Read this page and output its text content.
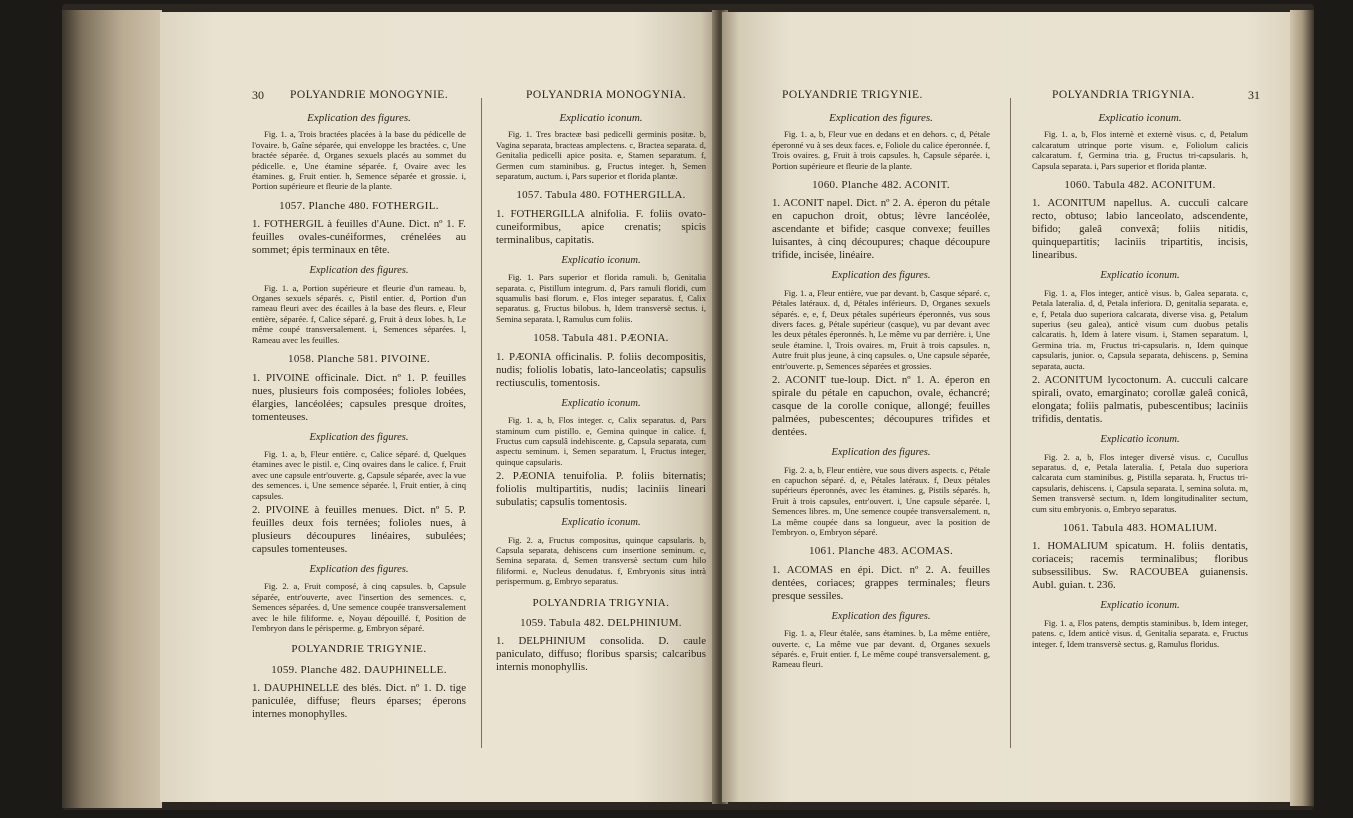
30 POLYANDRIE MONOGYNIE.	POLYANDRIA MONOGYNIA.
Explication des figures.
Fig. 1. a, Trois bractées placées à la base du pédicelle de l'ovaire. b, Gaîne séparée, qui enveloppe les bractées. c, Une bractée séparée. d, Organes sexuels placés au sommet du pédicelle. e, Une étamine séparée. f, Ovaire avec les étamines. g, Fruit entier. h, Semence séparée et grossie. i, Portion supérieure et fleurie de la plante.
1057. Planche 480. FOTHERGIL.
1. FOTHERGIL à feuilles d'Aune. Dict. nº 1. F. feuilles ovales-cunéiformes, crénelées au sommet; épis terminaux en tête.
Explication des figures.
Fig. 1. a, Portion supérieure et fleurie d'un rameau. b, Organes sexuels séparés. c, Pistil entier. d, Portion d'un rameau fleuri avec des écailles à la base des fleurs. e, Fleur entière, séparée. f, Calice séparé. g, Fruit à deux lobes. h, Le même coupé transversalement. i, Semences séparées. l, Rameau avec les feuilles.
1058. Planche 581. PIVOINE.
1. PIVOINE officinale. Dict. nº 1. P. feuilles nues, plusieurs fois composées; folioles lobées, élargies, lancéolées; capsules presque droites, tomenteuses.
Explication des figures.
Fig. 1. a, b, Fleur entière. c, Calice séparé. d, Quelques étamines avec le pistil. e, Cinq ovaires dans le calice. f, Fruit avec une capsule entr'ouverte. g, Capsule séparée, avec la vue des semences. i, Une semence séparée. l, Fruit entier, à cinq capsules.
2. PIVOINE à feuilles menues. Dict. nº 5. P. feuilles deux fois ternées; folioles nues, à plusieurs découpures linéaires, subulées; capsules tomenteuses.
Explication des figures.
Fig. 2. a, Fruit composé, à cinq capsules. b, Capsule séparée, entr'ouverte, avec l'insertion des semences. c, Semences séparées. d, Une semence coupée transversalement avec le hile filiforme. e, Noyau dépouillé. f, Position de l'embryon dans le périsperme. g, Embryon séparé.
POLYANDRIE TRIGYNIE.
1059. Planche 482. DAUPHINELLE.
1. DAUPHINELLE des blés. Dict. nº 1. D. tige paniculée, diffuse; fleurs éparses; éperons internes monophylles.
Explicatio iconum.
Fig. 1. Tres bracteæ basi pedicelli germinis positæ. b, Vagina separata, bracteas amplectens. c, Bractea separata. d, Genitalia pedicelli apice posita. e, Stamen separatum. f, Germen cum staminibus. g, Fructus integer. h, Semen separatum, auctum. i, Pars superior et florida plantæ.
1057. Tabula 480. FOTHERGILLA.
1. FOTHERGILLA alnifolia. F. foliis ovato-cuneiformibus, apice crenatis; spicis terminalibus, capitatis.
Explicatio iconum.
Fig. 1. Pars superior et florida ramuli. b, Genitalia separata. c, Pistillum integrum. d, Pars ramuli floridi, cum squamulis basi florum. e, Flos integer separatus. f, Calix separatus. g, Fructus bilobus. h, Idem transversè sectus. i, Semina separata. l, Ramulus cum foliis.
1058. Tabula 481. PÆONIA.
1. PÆONIA officinalis. P. foliis decompositis, nudis; foliolis lobatis, lato-lanceolatis; capsulis rectiusculis, tomentosis.
Explicatio iconum.
Fig. 1. a, b, Flos integer. c, Calix separatus. d, Pars staminum cum pistillo. e, Gemina quinque in calice. f, Fructus cum capsulâ indehiscente. g, Capsula separata, cum aspectu seminum. i, Semen separatum. l, Fructus integer, quinque capsularis.
2. PÆONIA tenuifolia. P. foliis biternatis; foliolis multipartitis, nudis; laciniis lineari subulatis; capsulis tomentosis.
Explicatio iconum.
Fig. 2. a, Fructus compositus, quinque capsularis. b, Capsula separata, dehiscens cum insertione seminum. c, Semina separata. d, Semen transversè sectum cum hilo filiformi. e, Nucleus denudatus. f, Embryonis situs intrà perispermum. g, Embryo separatus.
POLYANDRIA TRIGYNIA.
1059. Tabula 482. DELPHINIUM.
1. DELPHINIUM consolida. D. caule paniculato, diffuso; floribus sparsis; calcaribus internis monophyllis.
POLYANDRIE TRIGYNIE.	POLYANDRIA TRIGYNIA.	31
Explication des figures.
Fig. 1. a, b, Fleur vue en dedans et en dehors. c, d, Pétale éperonné vu à ses deux faces. e, Foliole du calice éperonnée. f, Trois ovaires. g, Fruit à trois capsules. h, Capsule séparée. i, Portion supérieure et fleurie de la plante.
1060. Planche 482. ACONIT.
1. ACONIT napel. Dict. nº 2. A. éperon du pétale en capuchon droit, obtus; lèvre lancéolée, ascendante et bifide; casque convexe; feuilles luisantes, à cinq découpures; chaque découpure trifide, incisée, linéaire.
Explication des figures.
Fig. 1. a, Fleur entière, vue par devant. b, Casque séparé. c, Pétales latéraux. d, d, Pétales inférieurs. D, Organes sexuels séparés. e, e, f, Deux pétales supérieurs éperonnés, vus sous divers faces. g, Pétale supérieur (casque), vu par devant avec les deux pétales éperonnés. h, Le même vu par derrière. i, Une seule étamine. l, Trois ovaires. m, Fruit à trois capsules. n, Autre fruit plus jeune, à cinq capsules. o, Une capsule séparée, entr'ouverte. p, Semences séparées et grossies.
2. ACONIT tue-loup. Dict. nº 1. A. éperon en spirale du pétale en capuchon, ovale, échancré; casque de la corolle conique, allongé; feuilles palmées, pubescentes; découpures trifides et dentées.
Explication des figures.
Fig. 2. a, b, Fleur entière, vue sous divers aspects. c, Pétale en capuchon séparé. d, e, Pétales latéraux. f, Deux pétales supérieurs éperonnés, avec les étamines. g, Pistils séparés. h, Fruit à trois capsules, entr'ouvert. i, Une capsule séparée. l, Semences libres. m, Une semence coupée transversalement. n, La même coupée dans sa longueur, avec la position de l'embryon. o, Embryon séparé.
1061. Planche 483. ACOMAS.
1. ACOMAS en épi. Dict. nº 2. A. feuilles dentées, coriaces; grappes terminales; fleurs presque sessiles.
Explication des figures.
Fig. 1. a, Fleur étalée, sans étamines. b, La même entière, ouverte. c, La même vue par devant. d, Organes sexuels séparés. e, Fruit entier. f, Le même coupé transversalement. g, Rameau fleuri.
Explicatio iconum.
Fig. 1. a, b, Flos internè et externè visus. c, d, Petalum calcaratum utrinque porte visum. e, Foliolum calicis calcaratum. f, Germina tria. g, Fructus tri-capsularis. h, Capsula separata. i, Pars superior et florida plantæ.
1060. Tabula 482. ACONITUM.
1. ACONITUM napellus. A. cucculi calcare recto, obtuso; labio lanceolato, adscendente, bifido; galeâ convexâ; foliis nitidis, quinquepartitis; laciniis tripartitis, incisis, linearibus.
Explicatio iconum.
Fig. 1. a, Flos integer, anticè visus. b, Galea separata. c, Petala lateralia. d, d, Petala inferiora. D, genitalia separata. e, e, f, Petala duo superiora calcarata, diverse visa. g, Petalum superius (seu galea), anticè visum cum duobus petalis calcaratis. h, Idem à latere visum. i, Stamen separatum. l, Germina tria. m, Fructus tri-capsularis. n, Idem quinque capsularis, junior. o, Capsula separata, dehiscens. p, Semina separata, aucta.
2. ACONITUM lycoctonum. A. cucculi calcare spirali, ovato, emarginato; corollæ galeâ conicâ, elongata; foliis palmatis, pubescentibus; laciniis trifidis, dentatis.
Explicatio iconum.
Fig. 2. a, b, Flos integer diversè visus. c, Cucullus separatus. d, e, Petala lateralia. f, Petala duo superiora calcarata cum staminibus. g, Pistilla separata. h, Fructus tri-capsularis, dehiscens. i, Capsula separata. l, semina soluta. m, Semen transversè sectum. n, Idem longitudinaliter sectum, cum situ embryonis. o, Embryo separatus.
1061. Tabula 483. HOMALIUM.
1. HOMALIUM spicatum. H. foliis dentatis, coriaceis; racemis terminalibus; floribus subsessilibus. Sw. RACOUBEA guianensis. Aubl. guian. t. 236.
Explicatio iconum.
Fig. 1. a, Flos patens, demptis staminibus. b, Idem integer, patens. c, Idem anticè visus. d, Genitalia separata. e, Fructus integer. f, Idem transversè sectus. g, Ramulus floridus.
